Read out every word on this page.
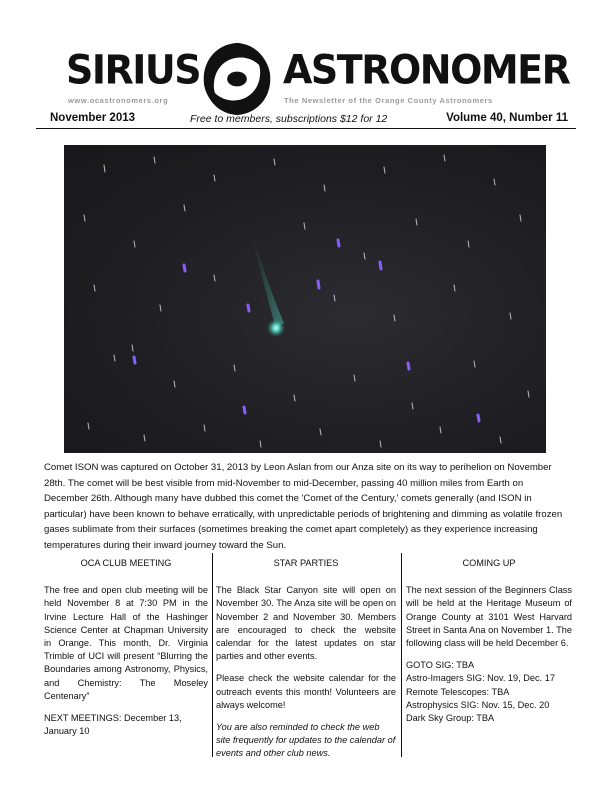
SIRIUS ASTRONOMER
www.ocastronomers.org	The Newsletter of the Orange County Astronomers
November 2013	Free to members, subscriptions $12 for 12	Volume 40, Number 11
Comet ISON was captured on October 31, 2013 by Leon Aslan from our Anza site on its way to perihelion on November 28th. The comet will be best visible from mid-November to mid-December, passing 40 million miles from Earth on December 26th. Although many have dubbed this comet the 'Comet of the Century,' comets generally (and ISON in particular) have been known to behave erratically, with unpredictable periods of brightening and dimming as volatile frozen gases sublimate from their surfaces (sometimes breaking the comet apart completely) as they experience increasing temperatures during their inward journey toward the Sun.
OCA CLUB MEETING

The free and open club meeting will be held November 8 at 7:30 PM in the Irvine Lecture Hall of the Hashinger Science Center at Chapman University in Orange. This month, Dr. Virginia Trimble of UCI will present “Blurring the Boundaries among Astronomy, Physics, and Chemistry: The Moseley Centenary”

NEXT MEETINGS: December 13, January 10

STAR PARTIES

The Black Star Canyon site will open on November 30. The Anza site will be open on November 2 and November 30. Members are encouraged to check the website calendar for the latest updates on star parties and other events.

Please check the website calendar for the outreach events this month! Volunteers are always welcome!

You are also reminded to check the web site frequently for updates to the calendar of events and other club news.

COMING UP

The next session of the Beginners Class will be held at the Heritage Museum of Orange County at 3101 West Harvard Street in Santa Ana on November 1. The following class will be held December 6.

GOTO SIG: TBA
Astro-Imagers SIG: Nov. 19, Dec. 17
Remote Telescopes: TBA
Astrophysics SIG: Nov. 15, Dec. 20
Dark Sky Group: TBA
